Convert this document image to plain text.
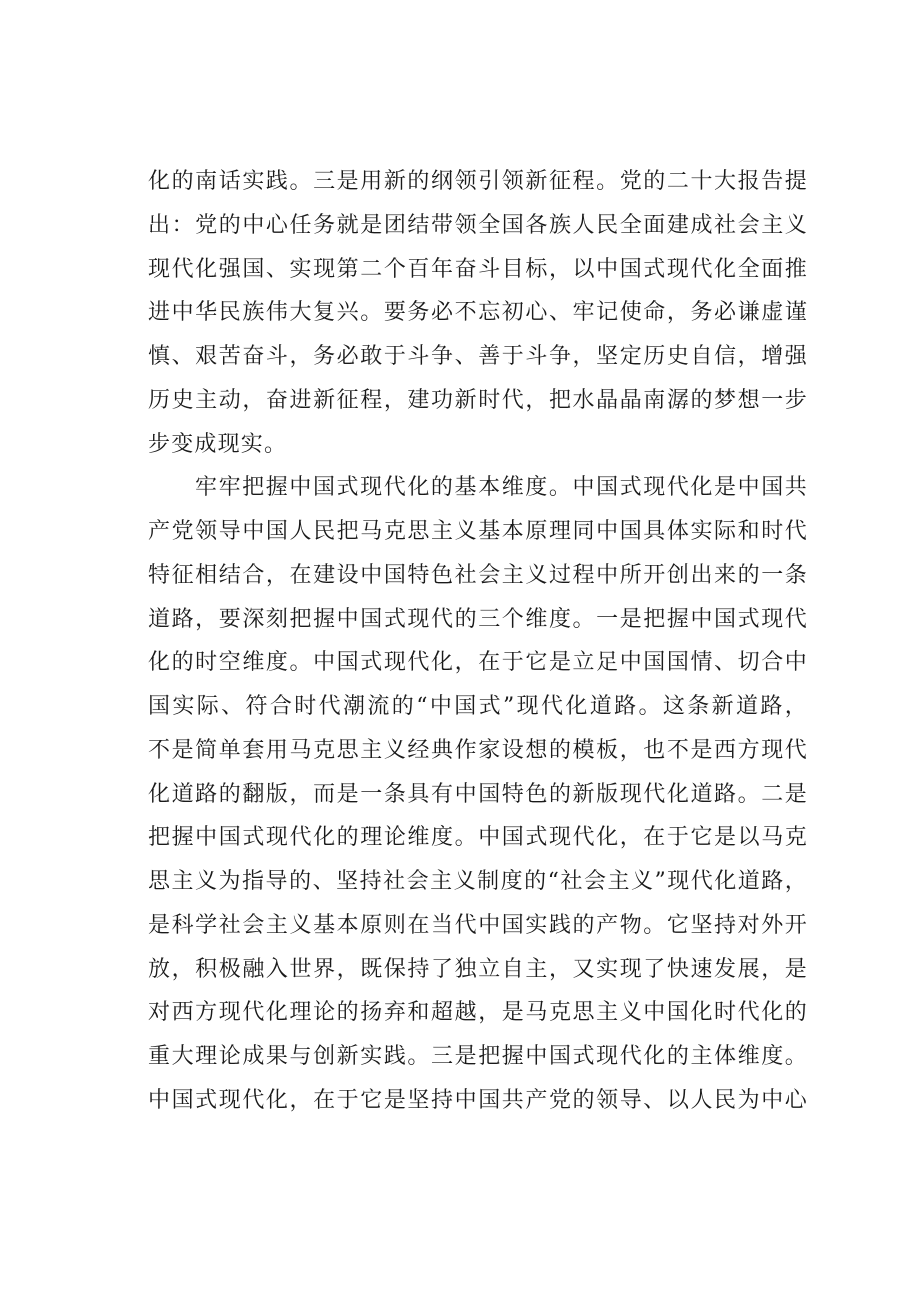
化的南话实践。三是用新的纲领引领新征程。党的二十大报告提
出：党的中心任务就是团结带领全国各族人民全面建成社会主义
现代化强国、实现第二个百年奋斗目标，以中国式现代化全面推
进中华民族伟大复兴。要务必不忘初心、牢记使命，务必谦虚谨
慎、艰苦奋斗，务必敢于斗争、善于斗争，坚定历史自信，增强
历史主动，奋进新征程，建功新时代，把水晶晶南潺的梦想一步
步变成现实。
牢牢把握中国式现代化的基本维度。中国式现代化是中国共
产党领导中国人民把马克思主义基本原理同中国具体实际和时代
特征相结合，在建设中国特色社会主义过程中所开创出来的一条
道路，要深刻把握中国式现代的三个维度。一是把握中国式现代
化的时空维度。中国式现代化，在于它是立足中国国情、切合中
国实际、符合时代潮流的“中国式”现代化道路。这条新道路，
不是简单套用马克思主义经典作家设想的模板，也不是西方现代
化道路的翻版，而是一条具有中国特色的新版现代化道路。二是
把握中国式现代化的理论维度。中国式现代化，在于它是以马克
思主义为指导的、坚持社会主义制度的“社会主义”现代化道路，
是科学社会主义基本原则在当代中国实践的产物。它坚持对外开
放，积极融入世界，既保持了独立自主，又实现了快速发展，是
对西方现代化理论的扬弃和超越，是马克思主义中国化时代化的
重大理论成果与创新实践。三是把握中国式现代化的主体维度。
中国式现代化，在于它是坚持中国共产党的领导、以人民为中心
